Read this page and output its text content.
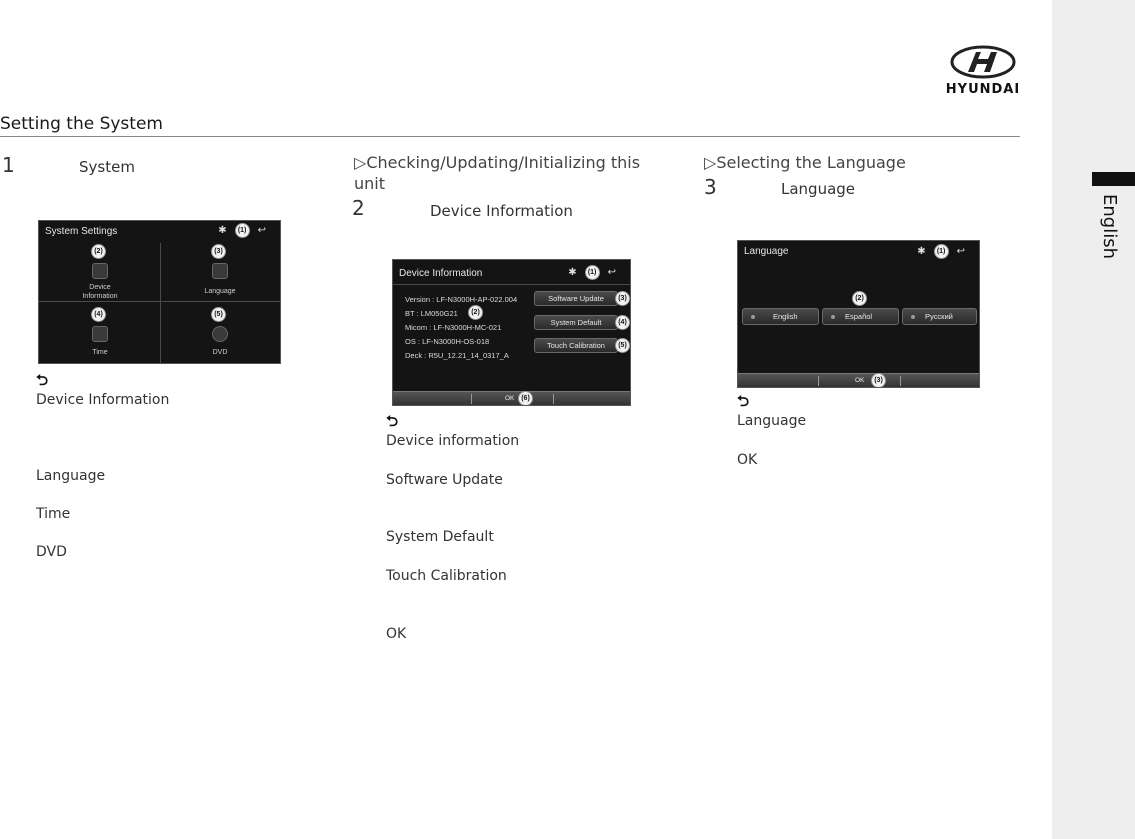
English
HYUNDAI
Setting the System
1	System
System Settings	✱	(1)	↩
(2)
Device
Information
(3)
Language
(4)
Time
(5)
DVD
⮌
Device Information
Language
Time
DVD
▷Checking/Updating/Initializing this unit
2	Device Information
Device Information	✱	(1)	↩
Version : LF-N3000H-AP-022.004
BT : LM050G21	(2)
Micom : LF-N3000H-MC-021
OS : LF-N3000H-OS-018
Deck : R5U_12.21_14_0317_A
Software Update	(3)
System Default	(4)
Touch Calibration	(5)
OK (6)
⮌
Device information
Software Update
System Default
Touch Calibration
OK
▷Selecting the Language
3	Language
Language	✱	(1)	↩
(2)
English	Español	Русский
OK	(3)
⮌
Language
OK
